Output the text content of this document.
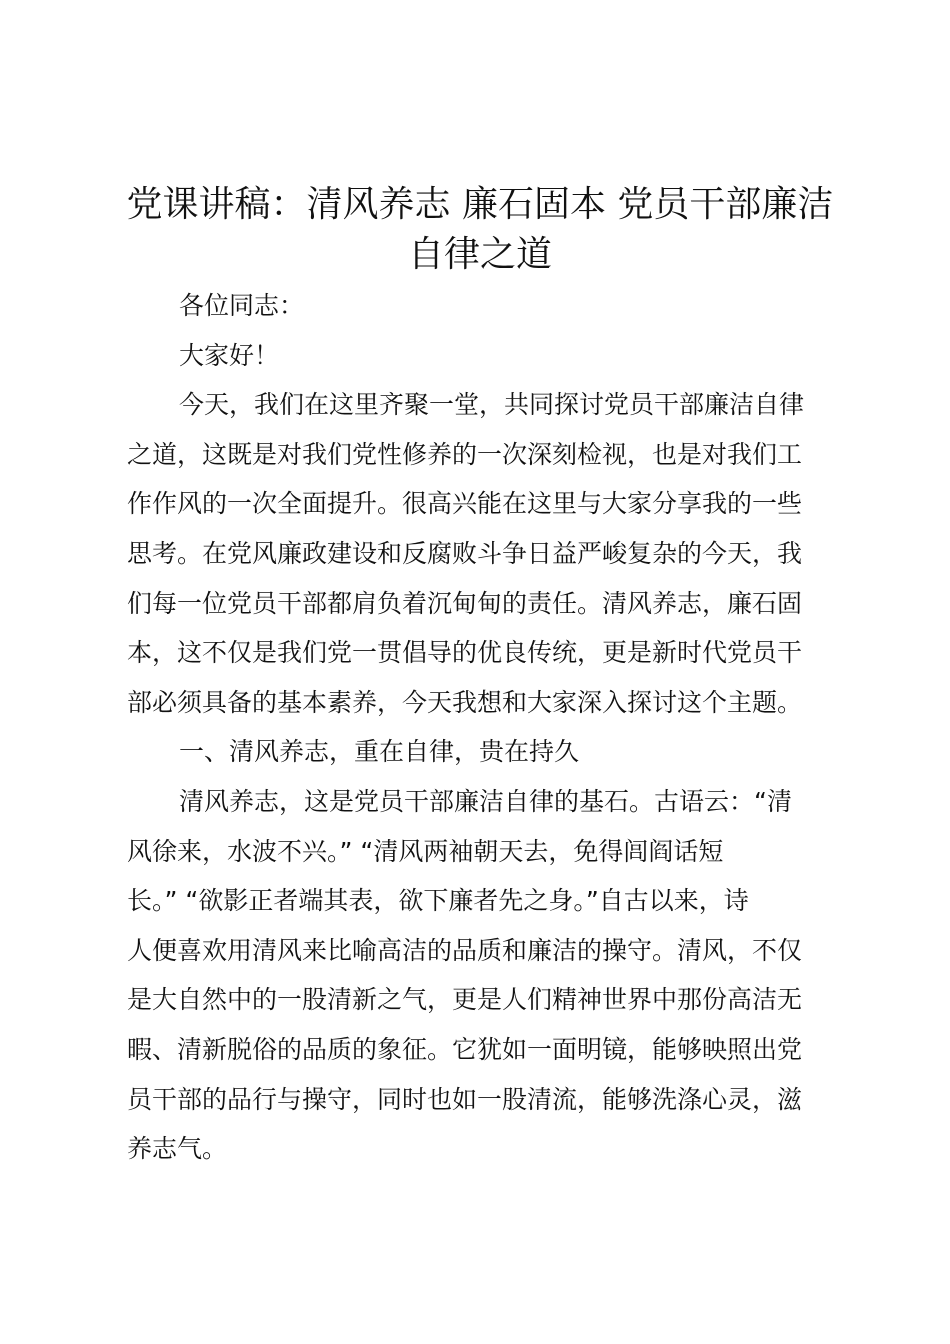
党课讲稿：清风养志 廉石固本 党员干部廉洁
自律之道
各位同志：
大家好！
今天，我们在这里齐聚一堂，共同探讨党员干部廉洁自律
之道，这既是对我们党性修养的一次深刻检视，也是对我们工
作作风的一次全面提升。很高兴能在这里与大家分享我的一些
思考。在党风廉政建设和反腐败斗争日益严峻复杂的今天，我
们每一位党员干部都肩负着沉甸甸的责任。清风养志，廉石固
本，这不仅是我们党一贯倡导的优良传统，更是新时代党员干
部必须具备的基本素养，今天我想和大家深入探讨这个主题。
一、清风养志，重在自律，贵在持久
清风养志，这是党员干部廉洁自律的基石。古语云：“清
风徐来，水波不兴。” “清风两袖朝天去，免得闾阎话短
长。” “欲影正者端其表，欲下廉者先之身。”自古以来，诗
人便喜欢用清风来比喻高洁的品质和廉洁的操守。清风，不仅
是大自然中的一股清新之气，更是人们精神世界中那份高洁无
暇、清新脱俗的品质的象征。它犹如一面明镜，能够映照出党
员干部的品行与操守，同时也如一股清流，能够洗涤心灵，滋
养志气。
